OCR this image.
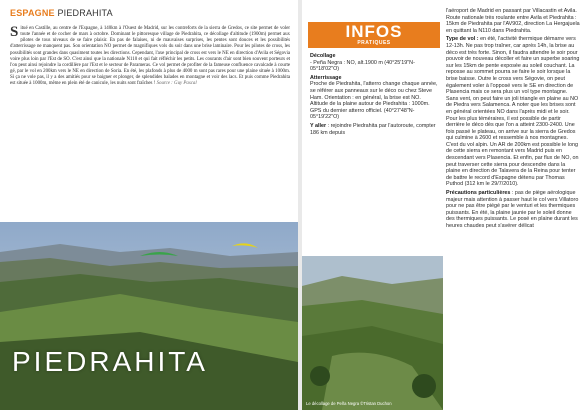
ESPAGNE PIEDRAHITA
Situé en Castille, au centre de l'Espagne, à 140km à l'Ouest de Madrid, sur les contreforts de la sierra de Gredos, ce site permet de voler toute l'année et de cocher de mars à octobre. Dominant le pittoresque village de Piedrahita, ce décollage d'altitude (1900m) permet aux pilotes de tous niveaux de se faire plaisir. En pas de falaises, ni de mauvaises surprises, les pentes sont douces et les possibilités d'atterrissage ne manquent pas. Son orientation NO permet de magnifiques vols du soir dans une brise laminaire. Pour les pilotes de cross, les possibilités sont grandes dans quasiment toutes les directions. Cependant, l'axe principal de cross est vers le NE en direction d'Avila et Ségovia voire plus loin par l'Est de SO. C'est ainsi que la nationale N110 et qui fait réfléchir les petits. Les courants d'air sont bien souvent porteurs et l'on peut ainsi rejoindre la cordillère par l'Est et le secteur de Parameras. Ce vol permet de profiter de la fameuse confluence cavalcade à courte gé, par le vol en 200km vers le NE en direction de Soria. En été, les plafonds à plus de 4000 m sont pas rares pour une plaine située à 1000m. Si ça ne vole pas, il y a des amitiés pour se baigner et plonger, de splendides balades en montagne et voir des lacs. Et puis comme Piedrahita est située à 1000m, même en plein été de canicule, les nuits sont fraîches ! Source : Guy Pascal
PIEDRAHITA
INFOS
PRATIQUES

Décollage
- Peña Negra : NO, alt.1900 m (40°25'19"N-05°18'02"O)

Atterrissage
Proche de Piedrahita, l'atterro change chaque année, se référer aux panneaux sur le déco ou chez Steve Ham. Orientation : en général, la brise est NO. Altitude de la plaine autour de Piedrahita : 1000m. GPS du dernier atterro officiel. (40°27'48"N-05°19'22"O)

Y aller : rejoindre Piedrahita par l'autoroute, compter 186 km depuis

l'aéroport de Madrid en passant par Villacastin et Avila. Route nationale très roulante entre Avila et Piedrahita : 15km de Piedrahita par l'AV902, direction La Hergajuela en quittant la N110 dans Piedrahita.

Type de vol : en été, l'activité thermique démarre vers 12-13h. Ne pas trop traîner, car après 14h, la brise au déco est très forte. Sinon, il faudra attendre le soir pour pouvoir de nouveau décoller et faire un superbe soaring sur les 15km de pente exposée au soleil couchant. La reposse au sommet pourra se faire le soir lorsque la brise baisse. Outre le cross vers Ségovie, on peut également voler à l'opposé vers le SE en direction de Plasencia mais ce sera plus un vol type montagne. Sans vent, on peut faire un joli triangle en plaine au NO de Piedra vers Salamenca. A noter que les brises sont en général orientées NO dans l'après midi et le soir. Pour les plus téméraires, il est possible de partir derrière le déco dès que l'on a atteint 2300-2400. Une fois passé le plateau, on arrive sur la sierra de Gredos qui culmine à 2600 et ressemble à nos montagnes. C'est du vol alpin. Un AR de 200km est possible le long de cette sierra en remontant vers Madrid puis en descendant vers Plasencia. Et enfin, par flux de NO, on peut traverser cette sierra pour descendre dans la plaine en direction de Talavera de la Reina pour tenter de battre le record d'Espagne détenu par Thomas Puthod (312 km le 29/7/2010).

Précautions particulières : pas de piège aérologique majeur mais attention à passer haut le col vers Villatoro pour ne pas être piégé par le venturi et les thermiques puissants. En été, la plaine jaunie par le soleil donne des thermiques puissants. Le posé en plaine durant les heures chaudes peut s'avérer délicat

Le décollage de Peña Negra ©Tristan Duchon
